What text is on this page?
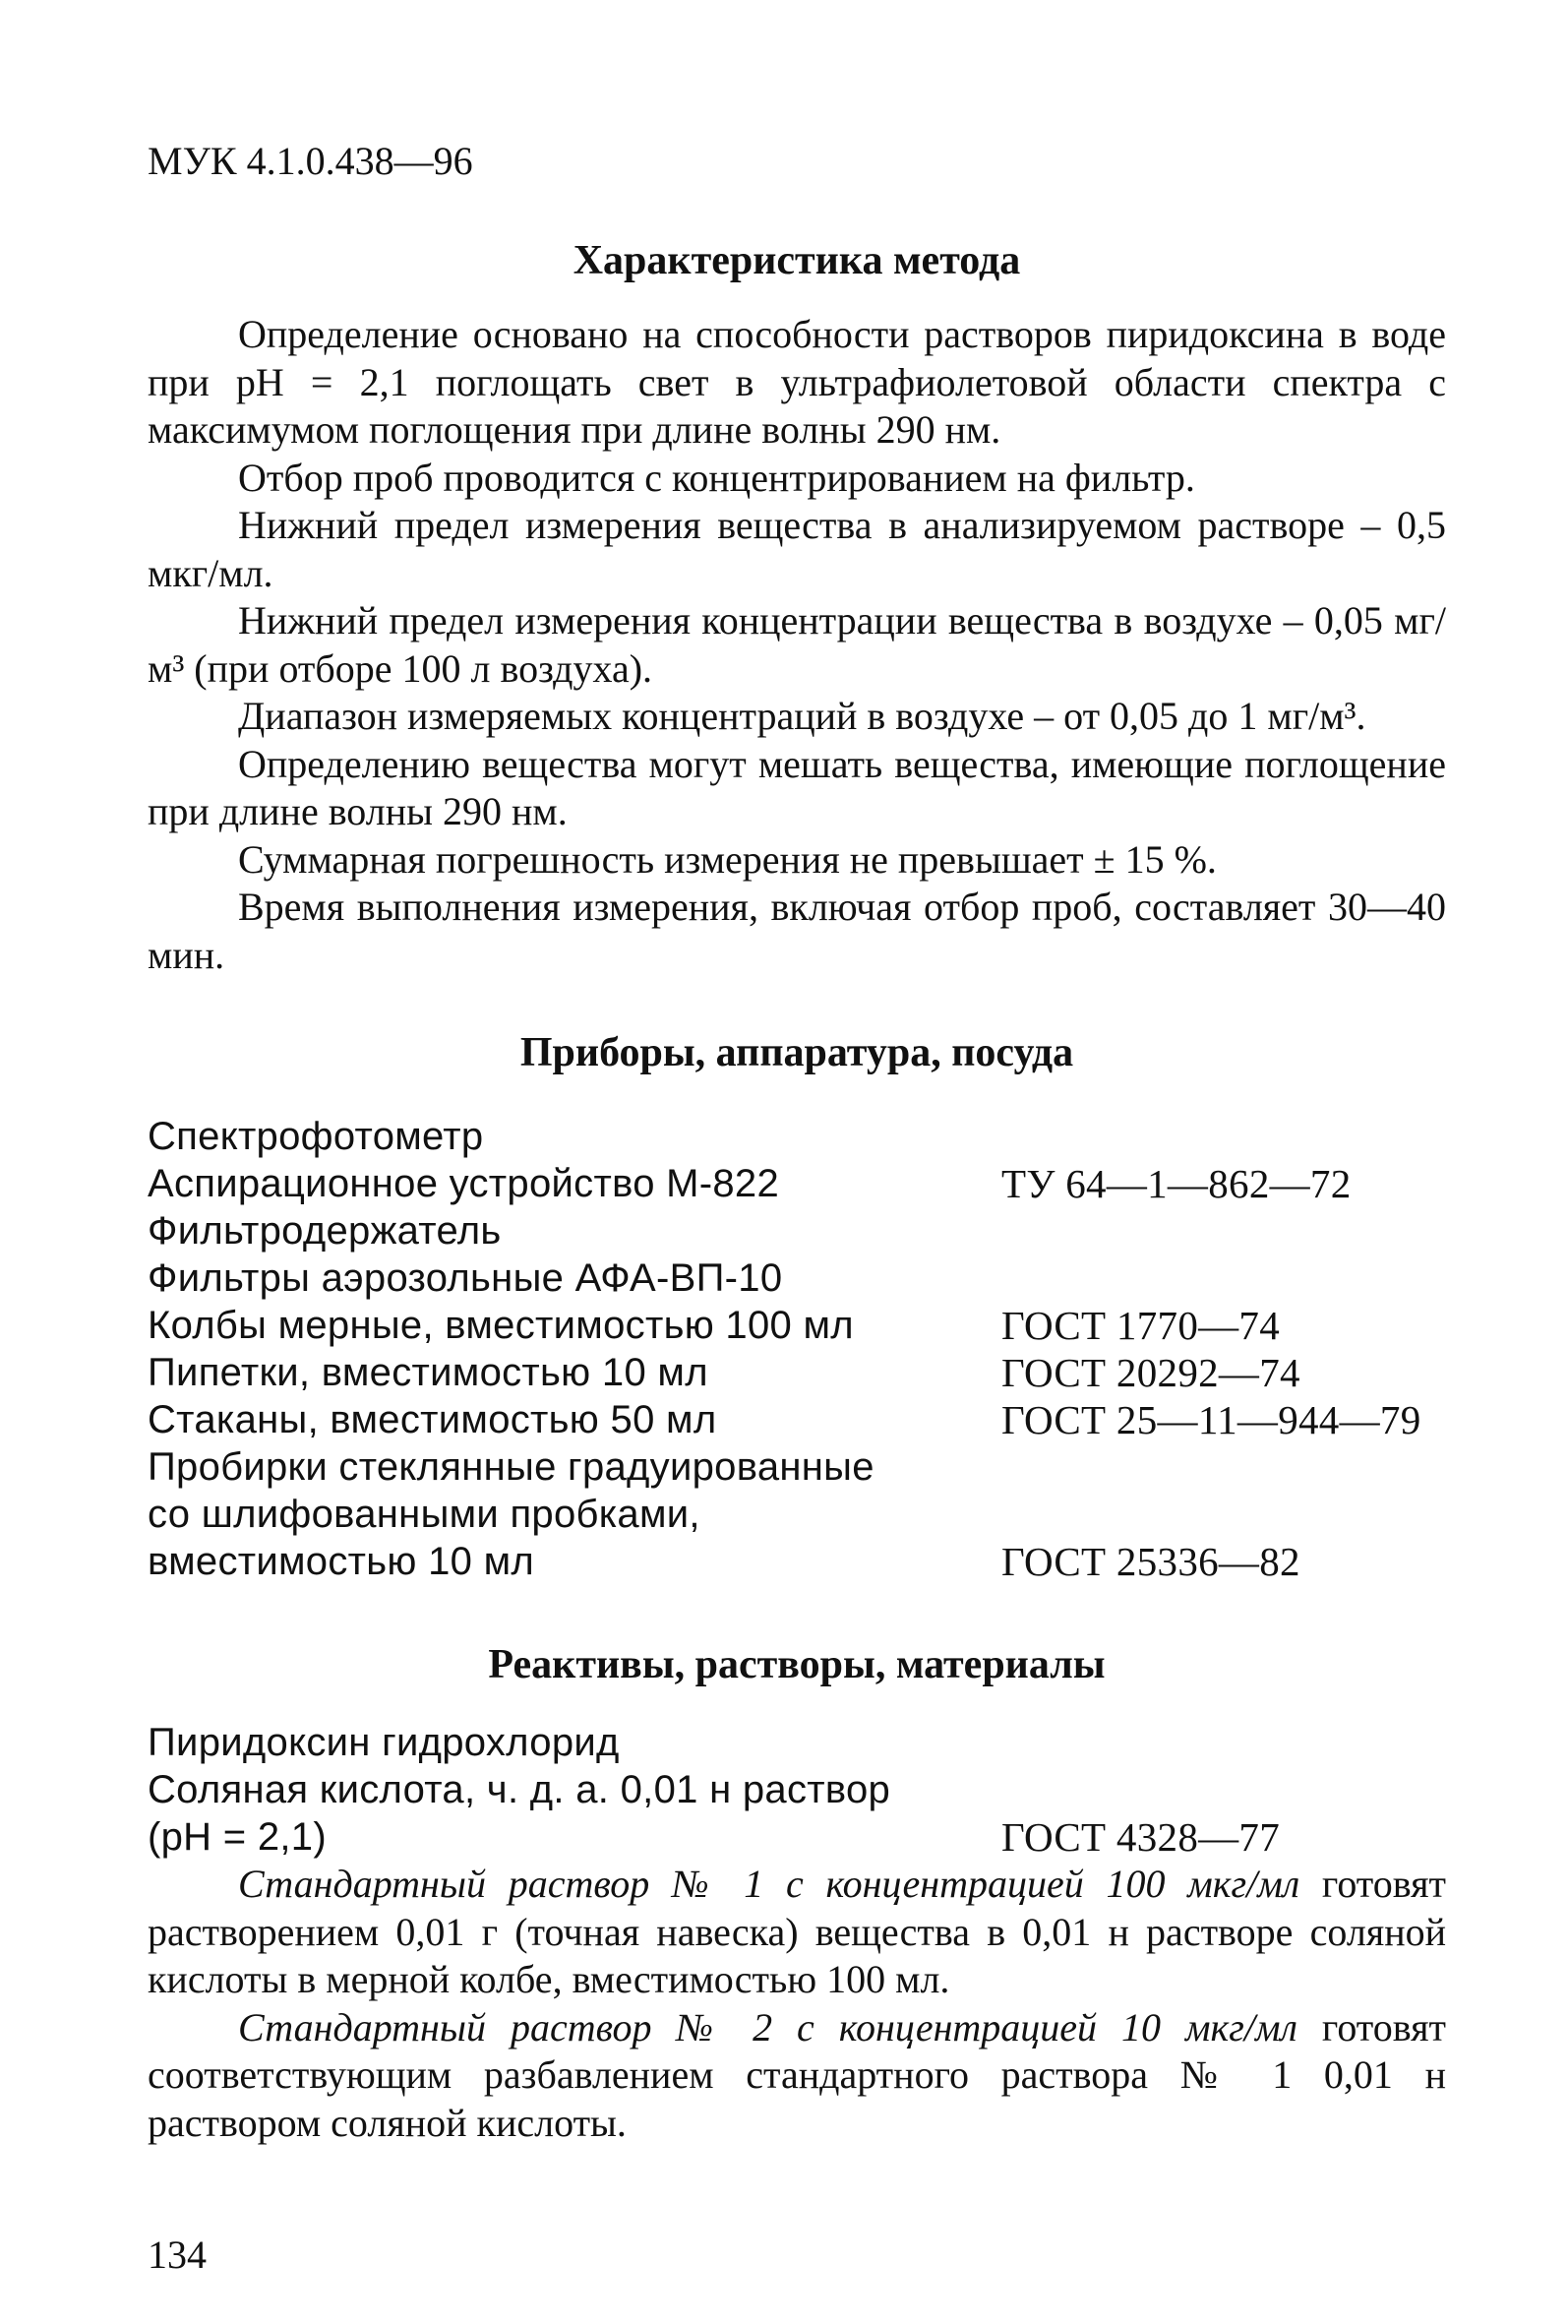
МУК 4.1.0.438—96
Характеристика метода

Определение основано на способности растворов пиридоксина в воде при pH = 2,1 поглощать свет в ультрафиолетовой области спектра с максимумом поглощения при длине волны 290 нм.

Отбор проб проводится с концентрированием на фильтр.

Нижний предел измерения вещества в анализируемом растворе – 0,5 мкг/мл.

Нижний предел измерения концентрации вещества в воздухе – 0,05 мг/м³ (при отборе 100 л воздуха).

Диапазон измеряемых концентраций в воздухе – от 0,05 до 1 мг/м³.

Определению вещества могут мешать вещества, имеющие поглощение при длине волны 290 нм.

Суммарная погрешность измерения не превышает ± 15 %.

Время выполнения измерения, включая отбор проб, составляет 30—40 мин.

Приборы, аппаратура, посуда
Спектрофотометр
Аспирационное устройство М-822	ТУ 64—1—862—72
Фильтродержатель
Фильтры аэрозольные АФА-ВП-10
Колбы мерные, вместимостью 100 мл	ГОСТ 1770—74
Пипетки, вместимостью 10 мл	ГОСТ 20292—74
Стаканы, вместимостью 50 мл	ГОСТ 25—11—944—79
Пробирки стеклянные градуированные
со шлифованными пробками,
вместимостью 10 мл	ГОСТ 25336—82
Реактивы, растворы, материалы
Пиридоксин гидрохлорид
Соляная кислота, ч. д. а. 0,01 н раствор
(pH = 2,1)	ГОСТ 4328—77

Стандартный раствор № 1 с концентрацией 100 мкг/мл готовят растворением 0,01 г (точная навеска) вещества в 0,01 н растворе соляной кислоты в мерной колбе, вместимостью 100 мл.

Стандартный раствор № 2 с концентрацией 10 мкг/мл готовят соответствующим разбавлением стандартного раствора № 1 0,01 н раствором соляной кислоты.

134
